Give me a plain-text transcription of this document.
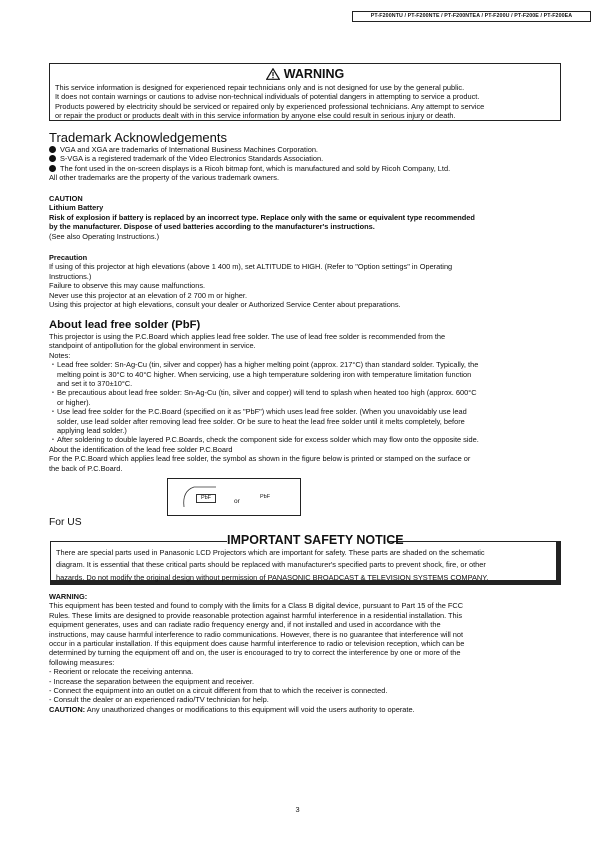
PT-F200NTU / PT-F200NTE / PT-F200NTEA / PT-F200U / PT-F200E / PT-F200EA
WARNING
This service information is designed for experienced repair technicians only and is not designed for use by the general public.
It does not contain warnings or cautions to advise non-technical individuals of potential dangers in attempting to service a product.
Products powered by electricity should be serviced or repaired only by experienced professional technicians. Any attempt to service
or repair the product or products dealt with in this service information by anyone else could result in serious injury or death.
Trademark Acknowledgements
VGA and XGA are trademarks of International Business Machines Corporation.
S-VGA is a registered trademark of the Video Electronics Standards Association.
The font used in the on-screen displays is a Ricoh bitmap font, which is manufactured and sold by Ricoh Company, Ltd.
All other trademarks are the property of the various trademark owners.
CAUTION
Lithium Battery
Risk of explosion if battery is replaced by an incorrect type. Replace only with the same or equivalent type recommended
by the manufacturer. Dispose of used batteries according to the manufacturer's instructions.
(See also Operating Instructions.)
Precaution
If using of this projector at high elevations (above 1 400 m), set ALTITUDE to HIGH. (Refer to "Option settings" in Operating
Instructions.)
Failure to observe this may cause malfunctions.
Never use this projector at an elevation of 2 700 m or higher.
Using this projector at high elevations, consult your dealer or Authorized Service Center about preparations.
About lead free solder (PbF)
This projector is using the P.C.Board which applies lead free solder. The use of lead free solder is recommended from the
standpoint of antipollution for the global environment in service.
Notes:
・ Lead free solder: Sn-Ag-Cu (tin, silver and copper) has a higher melting point (approx. 217°C) than standard solder. Typically, the
melting point is 30°C to 40°C higher. When servicing, use a high temperature soldering iron with temperature limitation function
and set it to 370±10°C.
・ Be precautious about lead free solder: Sn-Ag-Cu (tin, silver and copper) will tend to splash when heated too high (approx. 600°C
or higher).
・ Use lead free solder for the P.C.Board (specified on it as "PbF") which uses lead free solder. (When you unavoidably use lead
solder, use lead solder after removing lead free solder. Or be sure to heat the lead free solder until it melts completely, before
applying lead solder.)
・ After soldering to double layered P.C.Boards, check the component side for excess solder which may flow onto the opposite side.
About the identification of the lead free solder P.C.Board
For the P.C.Board which applies lead free solder, the symbol as shown in the figure below is printed or stamped on the surface or
the back of P.C.Board.
PbF	or
PbF
For US
There are special parts used in Panasonic LCD Projectors which are important for safety. These parts are shaded on the schematic
diagram. It is essential that these critical parts should be replaced with manufacturer's specified parts to prevent shock, fire, or other
hazards. Do not modify the original design without permission of PANASONIC BROADCAST & TELEVISION SYSTEMS COMPANY.
IMPORTANT SAFETY NOTICE
WARNING:
This equipment has been tested and found to comply with the limits for a Class B digital device, pursuant to Part 15 of the FCC
Rules. These limits are designed to provide reasonable protection against harmful interference in a residential installation. This
equipment generates, uses and can radiate radio frequency energy and, if not installed and used in accordance with the
instructions, may cause harmful interference to radio communications. However, there is no guarantee that interference will not
occur in a particular installation. If this equipment does cause harmful interference to radio or television reception, which can be
determined by turning the equipment off and on, the user is encouraged to try to correct the interference by one or more of the
following measures:
- Reorient or relocate the receiving antenna.
- Increase the separation between the equipment and receiver.
- Connect the equipment into an outlet on a circuit different from that to which the receiver is connected.
- Consult the dealer or an experienced radio/TV technician for help.
CAUTION: Any unauthorized changes or modifications to this equipment will void the users authority to operate.
3
